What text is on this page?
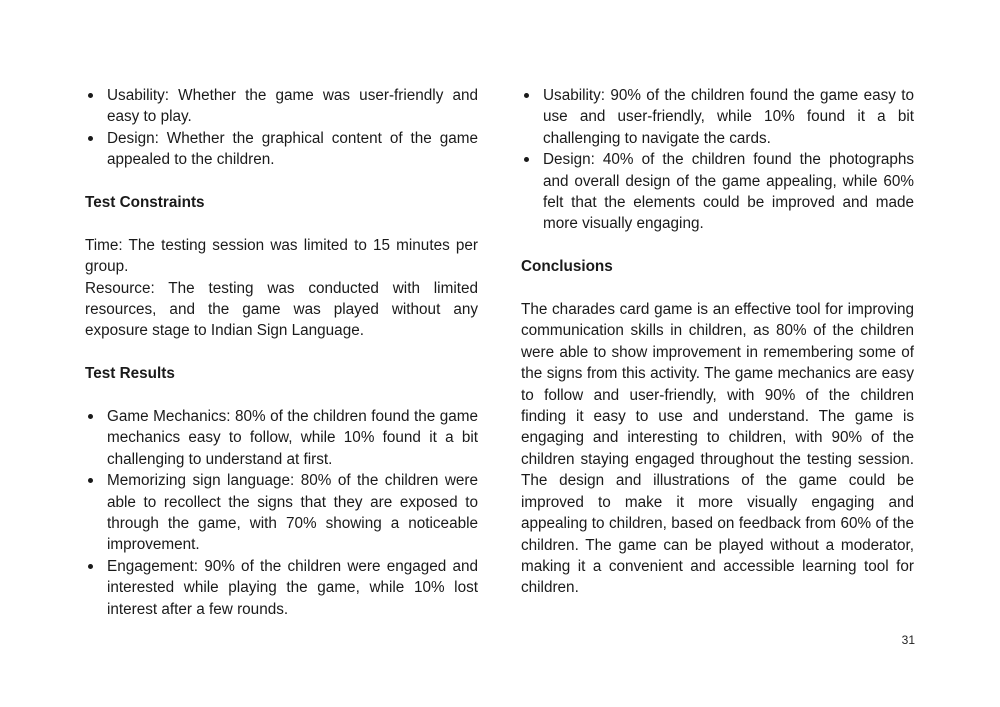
Usability: Whether the game was user-friendly and easy to play.
Design: Whether the graphical content of the game appealed to the children.

Test Constraints

Time: The testing session was limited to 15 minutes per group.

Resource: The testing was conducted with limited resources, and the game was played without any exposure stage to Indian Sign Language.

Test Results

Game Mechanics: 80% of the children found the game mechanics easy to follow, while 10% found it a bit challenging to understand at first.
Memorizing sign language: 80% of the children were able to recollect the signs that they are exposed to through the game, with 70% showing a noticeable improvement.
Engagement: 90% of the children were engaged and interested while playing the game, while 10% lost interest after a few rounds.
Usability: 90% of the children found the game easy to use and user-friendly, while 10% found it a bit challenging to navigate the cards.
Design: 40% of the children found the photographs and overall design of the game appealing, while 60% felt that the elements could be improved and made more visually engaging.

Conclusions

The charades card game is an effective tool for improving communication skills in children, as 80% of the children were able to show improvement in remembering some of the signs from this activity. The game mechanics are easy to follow and user-friendly, with 90% of the children finding it easy to use and understand. The game is engaging and interesting to children, with 90% of the children staying engaged throughout the testing session. The design and illustrations of the game could be improved to make it more visually engaging and appealing to children, based on feedback from 60% of the children. The game can be played without a moderator, making it a convenient and accessible learning tool for children.

31
